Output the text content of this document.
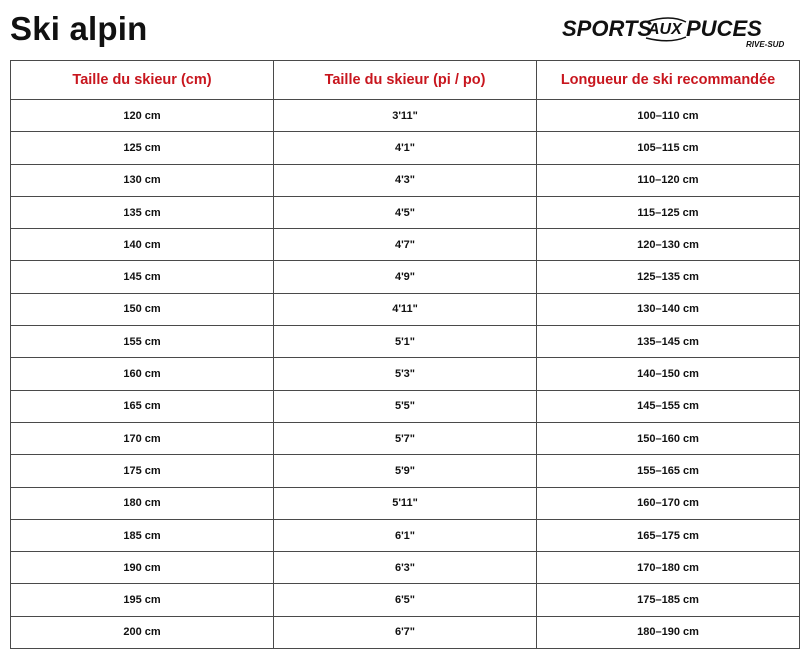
Ski alpin	SPORTS
AUX PUCES
RIVE-SUD
Taille du skieur (cm)	Taille du skieur (pi / po)	Longueur de ski recommandée
120 cm	3'11"	100–110 cm
125 cm	4'1"	105–115 cm
130 cm	4'3"	110–120 cm
135 cm	4'5"	115–125 cm
140 cm	4'7"	120–130 cm
145 cm	4'9"	125–135 cm
150 cm	4'11"	130–140 cm
155 cm	5'1"	135–145 cm
160 cm	5'3"	140–150 cm
165 cm	5'5"	145–155 cm
170 cm	5'7"	150–160 cm
175 cm	5'9"	155–165 cm
180 cm	5'11"	160–170 cm
185 cm	6'1"	165–175 cm
190 cm	6'3"	170–180 cm
195 cm	6'5"	175–185 cm
200 cm	6'7"	180–190 cm
